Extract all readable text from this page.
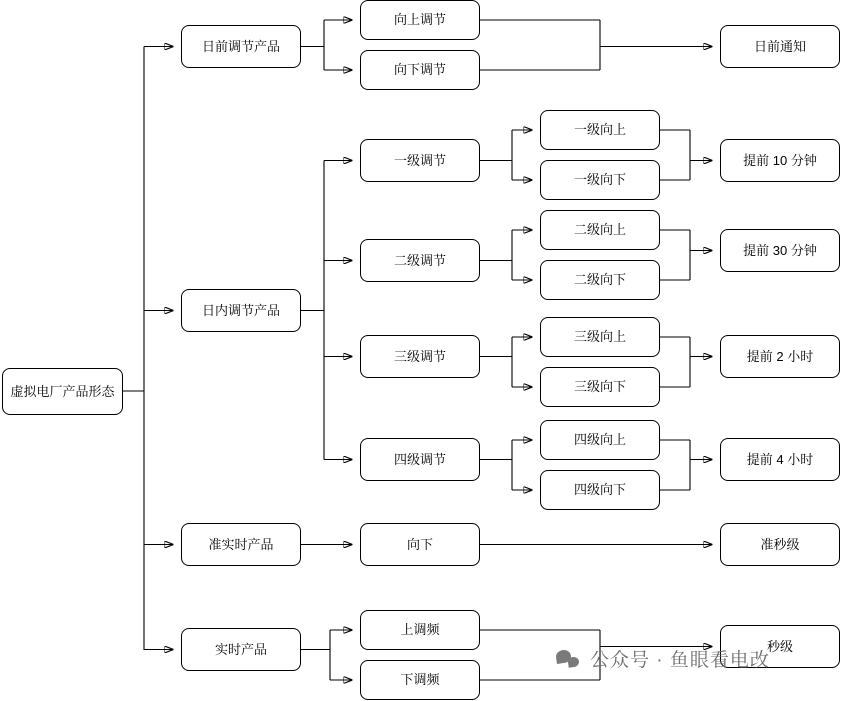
虚拟电厂产品形态
日内调节产品
日前调节产品
准实时产品
实时产品
向上调节
向下调节
一级调节
二级调节
三级调节
四级调节
向下
上调频
下调频
一级向上
一级向下
二级向上
二级向下
三级向上
三级向下
四级向上
四级向下
日前通知
提前 10 分钟
提前 30 分钟
提前 2 小时
提前 4 小时
准秒级
秒级
公众号 · 鱼眼看电改
